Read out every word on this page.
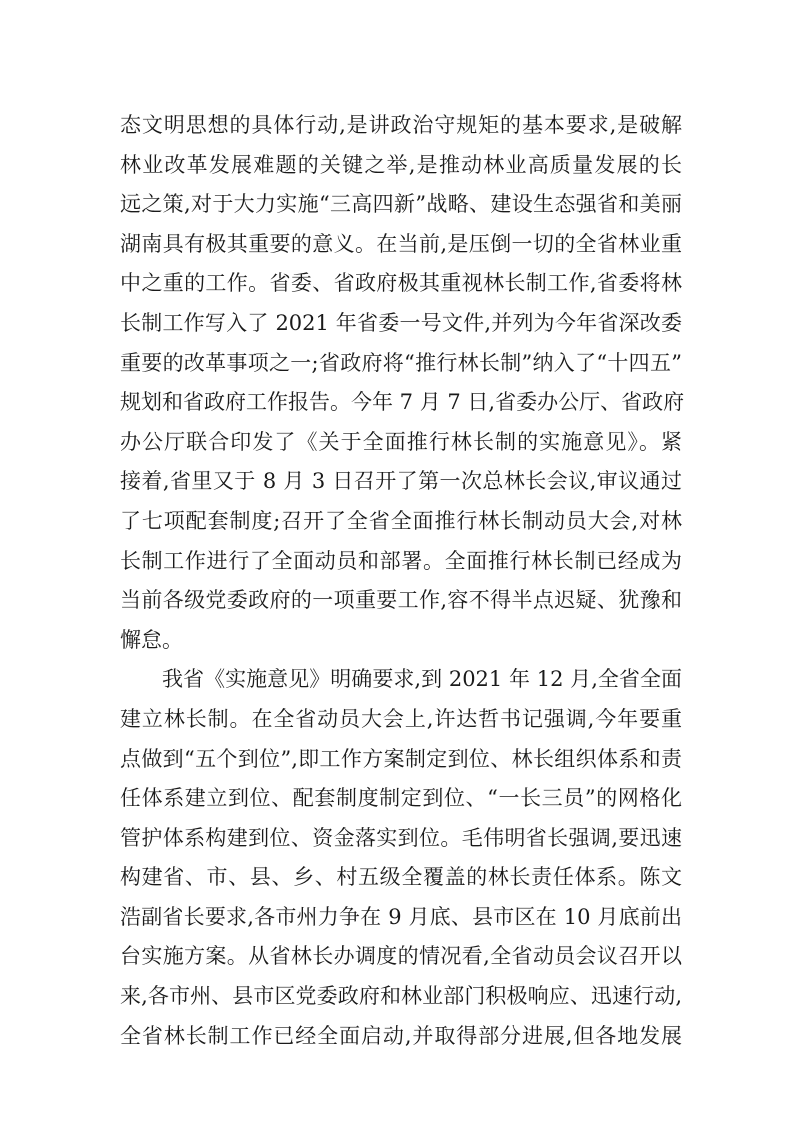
态文明思想的具体行动,是讲政治守规矩的基本要求,是破解
林业改革发展难题的关键之举,是推动林业高质量发展的长
远之策,对于大力实施“三高四新”战略、建设生态强省和美丽
湖南具有极其重要的意义。在当前,是压倒一切的全省林业重
中之重的工作。省委、省政府极其重视林长制工作,省委将林
长制工作写入了 2021 年省委一号文件,并列为今年省深改委
重要的改革事项之一;省政府将“推行林长制”纳入了“十四五”
规划和省政府工作报告。今年 7 月 7 日,省委办公厅、省政府
办公厅联合印发了《关于全面推行林长制的实施意见》。紧
接着,省里又于 8 月 3 日召开了第一次总林长会议,审议通过
了七项配套制度;召开了全省全面推行林长制动员大会,对林
长制工作进行了全面动员和部署。全面推行林长制已经成为
当前各级党委政府的一项重要工作,容不得半点迟疑、犹豫和
懈怠。
我省《实施意见》明确要求,到 2021 年 12 月,全省全面
建立林长制。在全省动员大会上,许达哲书记强调,今年要重
点做到“五个到位”,即工作方案制定到位、林长组织体系和责
任体系建立到位、配套制度制定到位、“一长三员”的网格化
管护体系构建到位、资金落实到位。毛伟明省长强调,要迅速
构建省、市、县、乡、村五级全覆盖的林长责任体系。陈文
浩副省长要求,各市州力争在 9 月底、县市区在 10 月底前出
台实施方案。从省林长办调度的情况看,全省动员会议召开以
来,各市州、县市区党委政府和林业部门积极响应、迅速行动,
全省林长制工作已经全面启动,并取得部分进展,但各地发展
